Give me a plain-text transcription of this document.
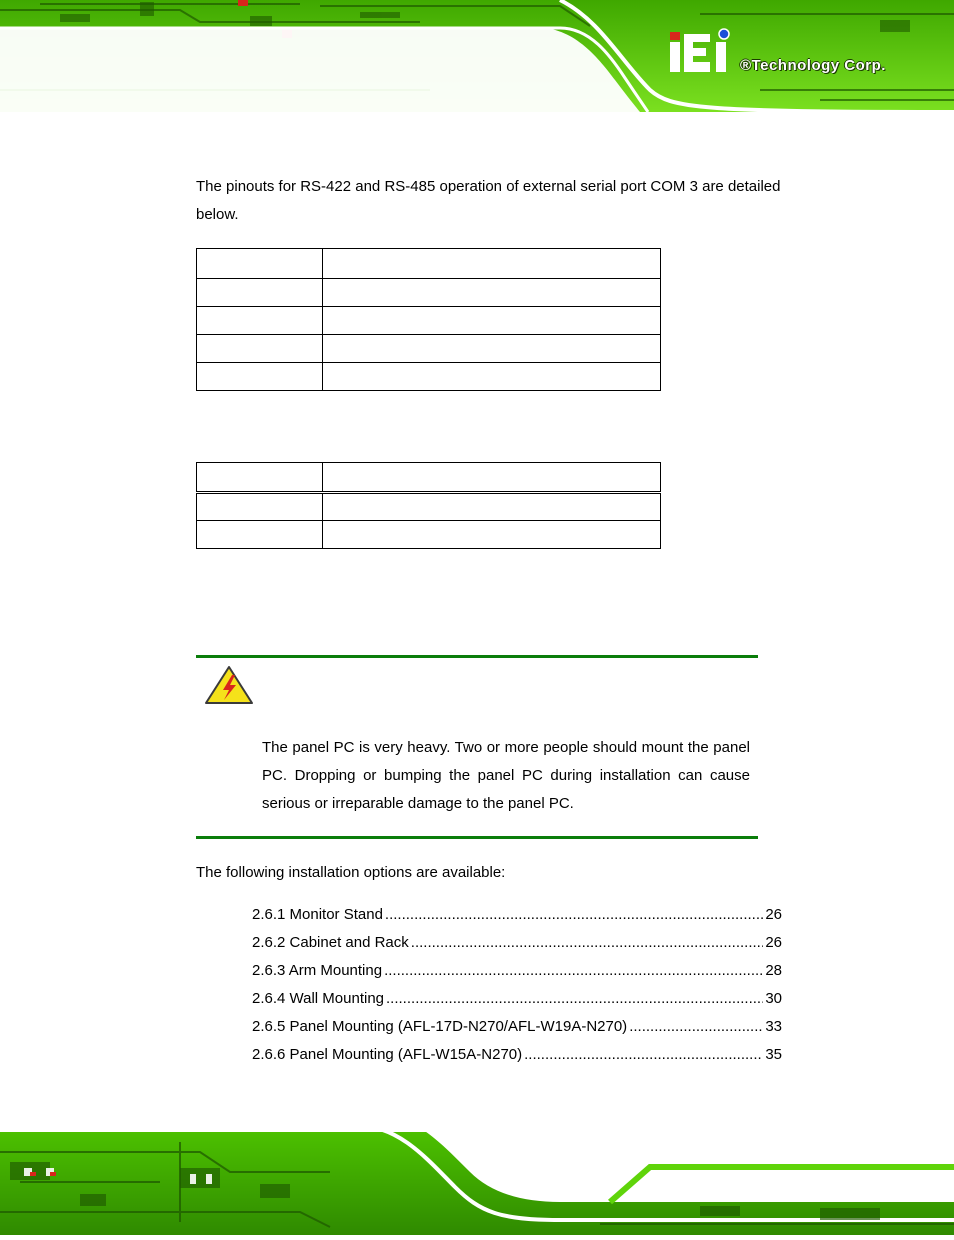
®Technology Corp.

The pinouts for RS-422 and RS-485 operation of external serial port COM 3 are detailed below.

The panel PC is very heavy. Two or more people should mount the panel PC. Dropping or bumping the panel PC during installation can cause serious or irreparable damage to the panel PC.

The following installation options are available:

2.6.1 Monitor Stand .....	26
2.6.2 Cabinet and Rack .....	26
2.6.3 Arm Mounting .....	28
2.6.4 Wall Mounting .....	30
2.6.5 Panel Mounting (AFL-17D-N270/AFL-W19A-N270) .....	33
2.6.6 Panel Mounting (AFL-W15A-N270) .....	35
